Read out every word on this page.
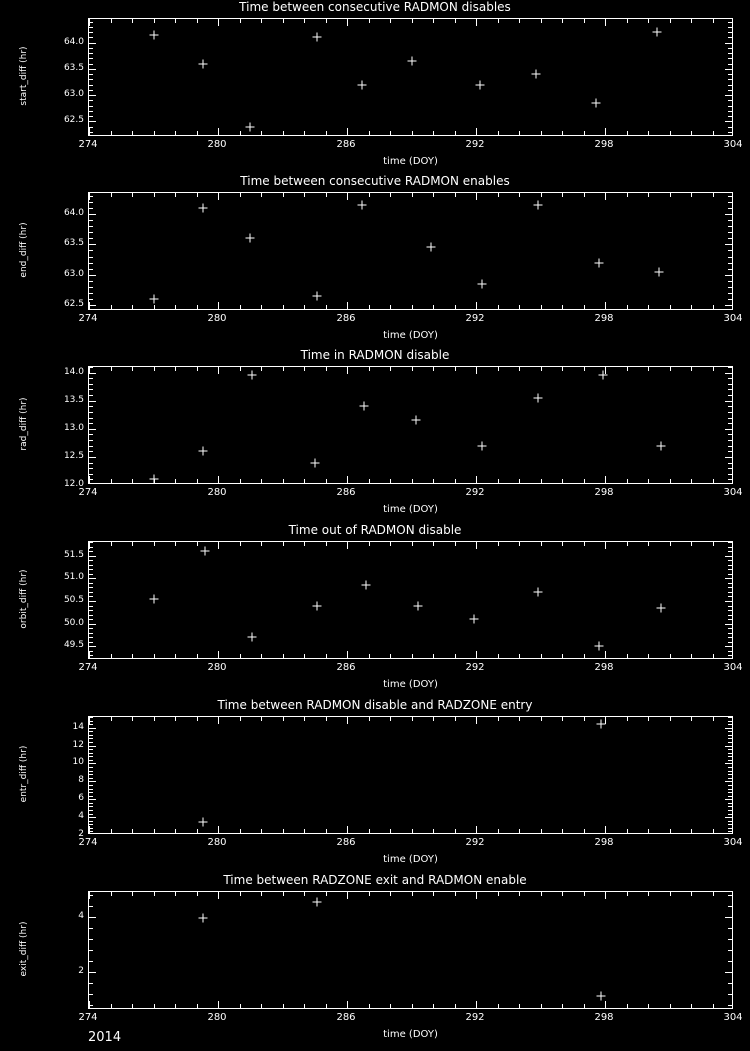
2014
Time between consecutive RADMON disables
274	280	286	292	298	304
62.5
63.0
63.5
64.0
start_diff (hr)
time (DOY)
Time between consecutive RADMON enables
274	280	286	292	298	304
62.5
63.0
63.5
64.0
end_diff (hr)
time (DOY)
Time in RADMON disable
274	280	286	292	298	304
12.0
12.5
13.0
13.5
14.0
rad_diff (hr)
time (DOY)
Time out of RADMON disable
274	280	286	292	298	304
49.5
50.0
50.5
51.0
51.5
orbit_diff (hr)
time (DOY)
Time between RADMON disable and RADZONE entry
274	280	286	292	298	304
2
4
6
8
10
12
14
entr_diff (hr)
time (DOY)
Time between RADZONE exit and RADMON enable
274	280	286	292	298	304
2
4
exit_diff (hr)
time (DOY)
